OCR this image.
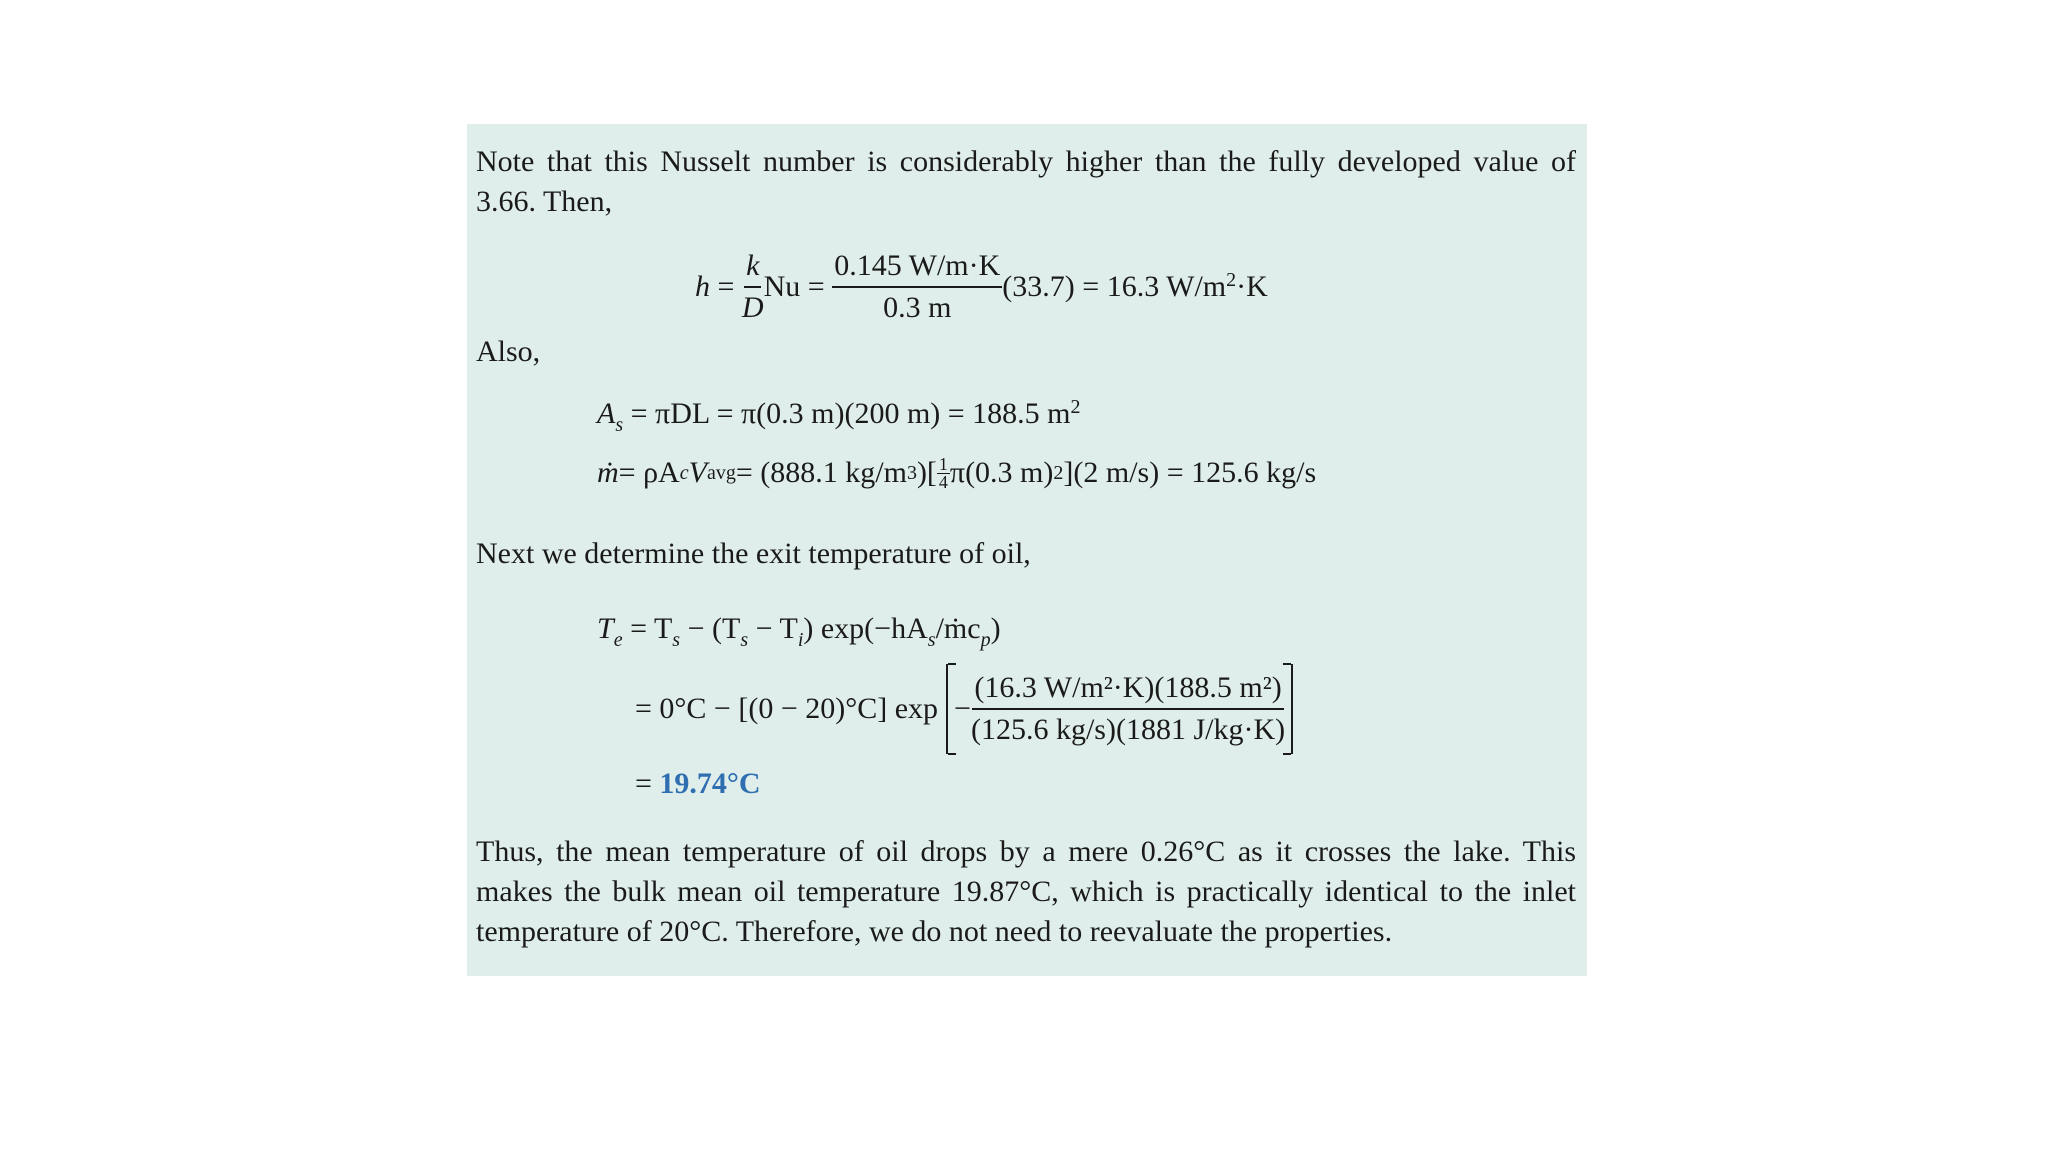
Note that this Nusselt number is considerably higher than the fully developed value of 3.66. Then,

$h = \frac{k}{D}$ $Nu = \frac{0.145 W/m\cdot K}{0.3 m} (33.7) = 16.3$ $W/m^2\cdot K$
Also,
$A_s = \pi DL = \pi(0.3$ m)(200 m) = 188.5 $m^2$
ṁ = ρA c V avg = (888.1 kg/m 3 )[ $\frac{1}{4} \pi(0.3$ m) 2 ](2 m/s) = 125.6 kg/s
Next we determine the exit temperature of oil,
$T_e = T_s - (T_s - T_i)$ $\exp(-hA_s/ṁc_p)$
= 0°C − [(0 − 20)°C] $\exp - \frac{\text{(16.3 W/m²·K)(188.5 m²)}}{(125.6 kg/s)(1881 J/kg\cdot K)}$
= 19.74°C

Thus, the mean temperature of oil drops by a mere 0.26°C as it crosses the lake. This makes the bulk mean oil temperature 19.87°C, which is practically identical to the inlet temperature of 20°C. Therefore, we do not need to reevaluate the properties.
